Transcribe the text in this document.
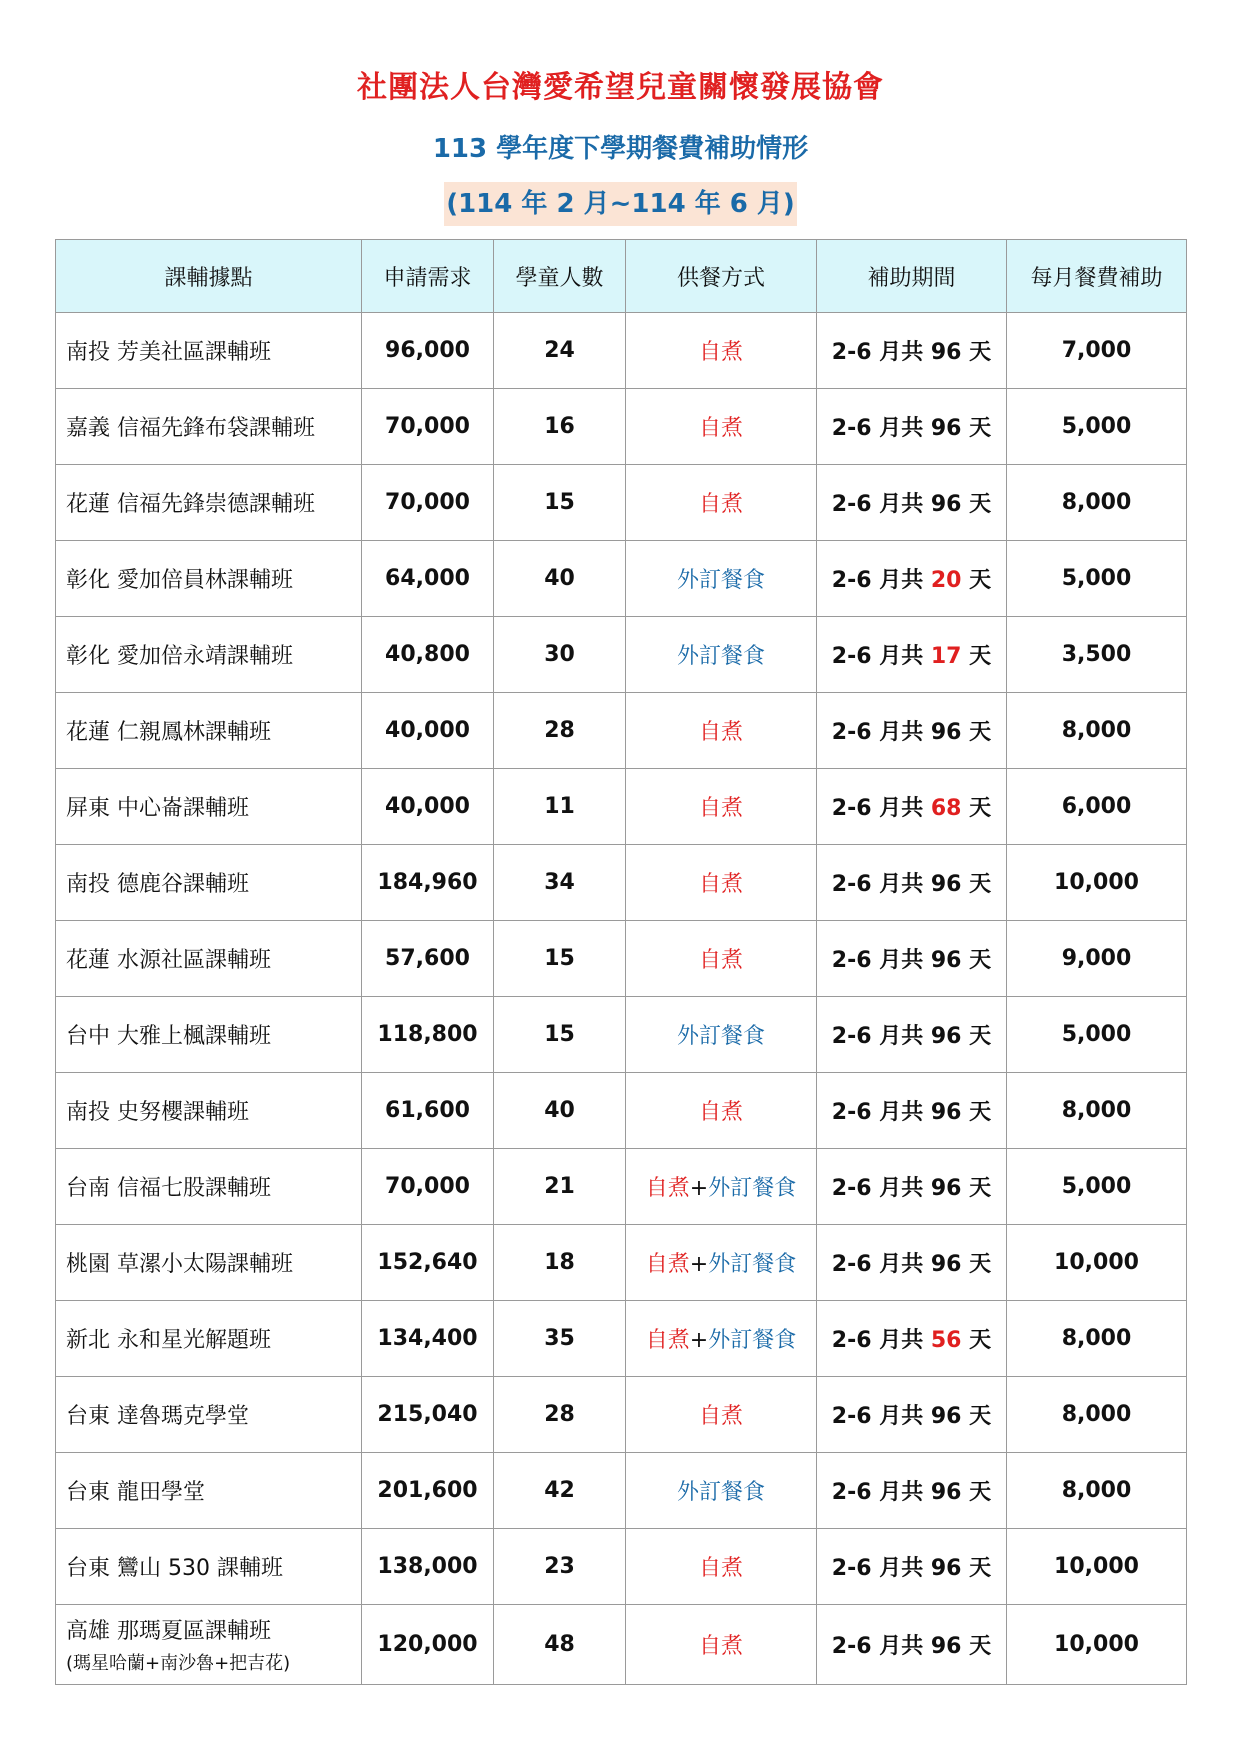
社團法人台灣愛希望兒童關懷發展協會
113 學年度下學期餐費補助情形
(114 年 2 月~114 年 6 月)
課輔據點	申請需求	學童人數	供餐方式	補助期間	每月餐費補助
南投 芳美社區課輔班	96,000	24	自煮	2-6 月共 96 天	7,000
嘉義 信福先鋒布袋課輔班	70,000	16	自煮	2-6 月共 96 天	5,000
花蓮 信福先鋒崇德課輔班	70,000	15	自煮	2-6 月共 96 天	8,000
彰化 愛加倍員林課輔班	64,000	40	外訂餐食	2-6 月共 20 天	5,000
彰化 愛加倍永靖課輔班	40,800	30	外訂餐食	2-6 月共 17 天	3,500
花蓮 仁親鳳林課輔班	40,000	28	自煮	2-6 月共 96 天	8,000
屏東 中心崙課輔班	40,000	11	自煮	2-6 月共 68 天	6,000
南投 德鹿谷課輔班	184,960	34	自煮	2-6 月共 96 天	10,000
花蓮 水源社區課輔班	57,600	15	自煮	2-6 月共 96 天	9,000
台中 大雅上楓課輔班	118,800	15	外訂餐食	2-6 月共 96 天	5,000
南投 史努櫻課輔班	61,600	40	自煮	2-6 月共 96 天	8,000
台南 信福七股課輔班	70,000	21	自煮+外訂餐食	2-6 月共 96 天	5,000
桃園 草漯小太陽課輔班	152,640	18	自煮+外訂餐食	2-6 月共 96 天	10,000
新北 永和星光解題班	134,400	35	自煮+外訂餐食	2-6 月共 56 天	8,000
台東 達魯瑪克學堂	215,040	28	自煮	2-6 月共 96 天	8,000
台東 龍田學堂	201,600	42	外訂餐食	2-6 月共 96 天	8,000
台東 鸞山 530 課輔班	138,000	23	自煮	2-6 月共 96 天	10,000
高雄 那瑪夏區課輔班
(瑪星哈蘭+南沙魯+把吉花)	120,000	48	自煮	2-6 月共 96 天	10,000
